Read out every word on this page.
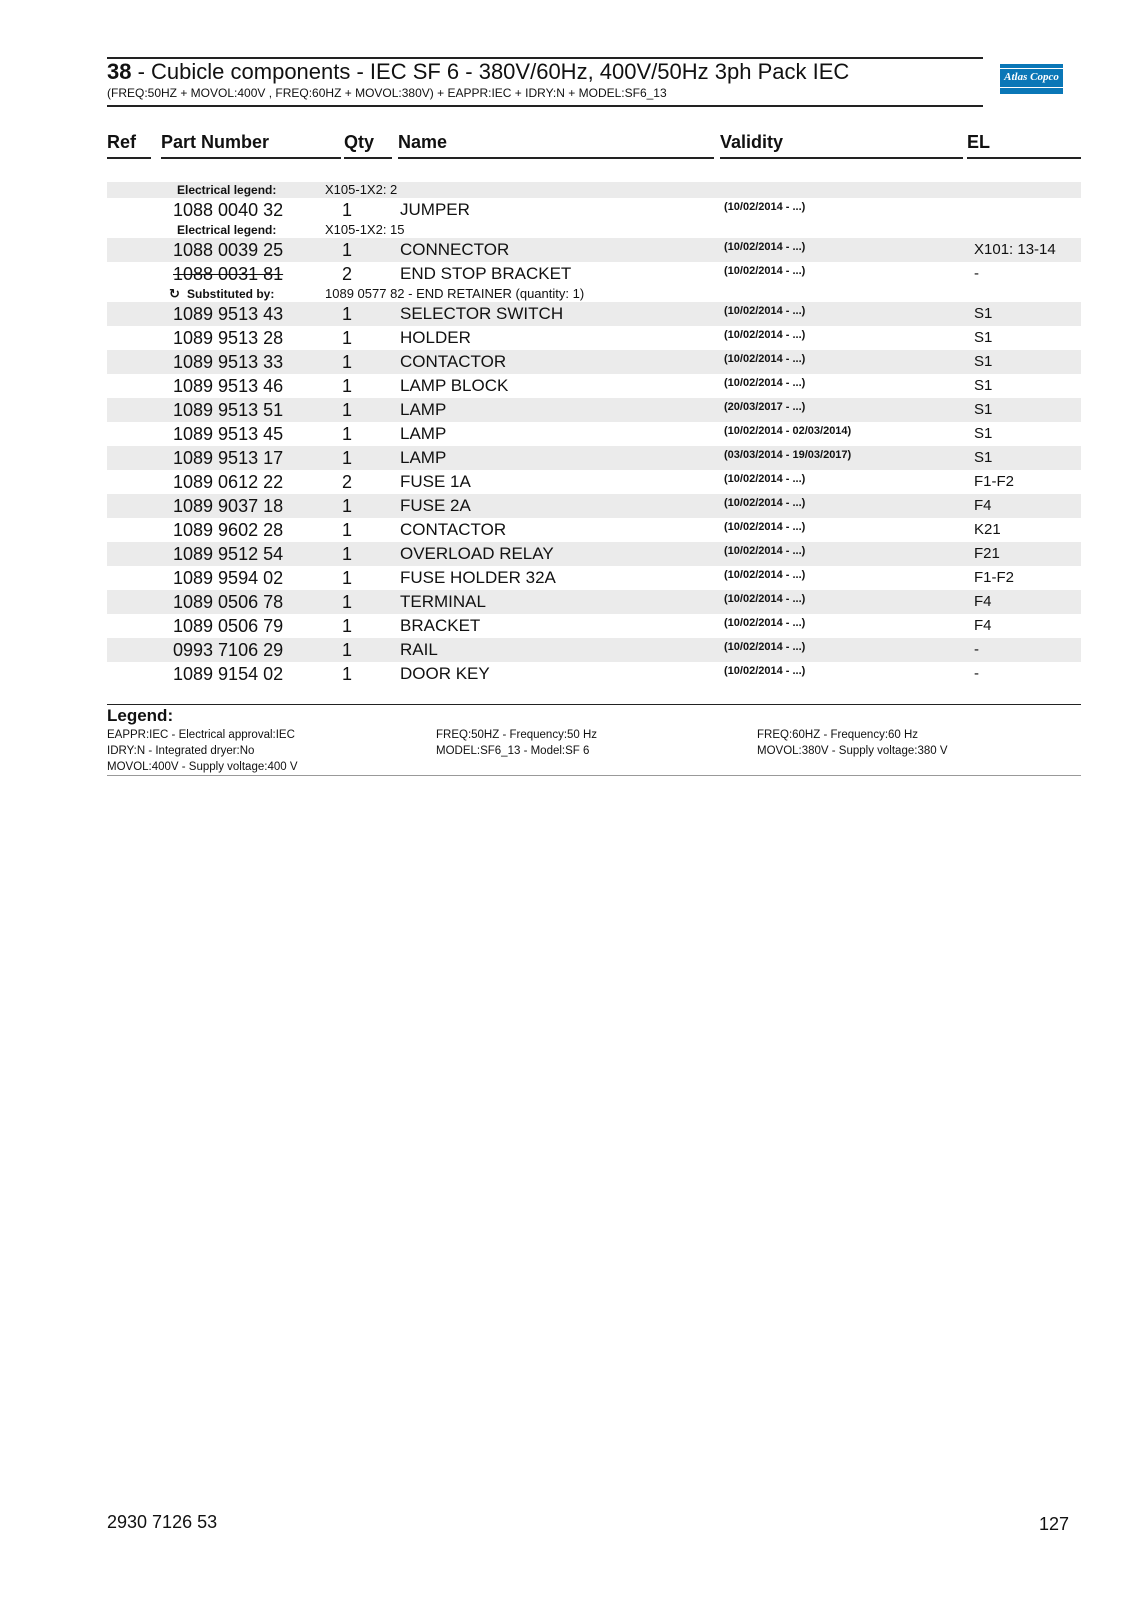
38 - Cubicle components - IEC SF 6 - 380V/60Hz, 400V/50Hz 3ph Pack IEC
(FREQ:50HZ + MOVOL:400V , FREQ:60HZ + MOVOL:380V) + EAPPR:IEC + IDRY:N + MODEL:SF6_13
Atlas Copco
Ref Part Number	Qty Name	Validity	EL
Electrical legend:	X105-1X2: 2
1088 0040 32	1	JUMPER	(10/02/2014 - ...)
Electrical legend:	X105-1X2: 15
1088 0039 25	1	CONNECTOR	(10/02/2014 - ...)	X101: 13-14
1088 0031 81	2	END STOP BRACKET	(10/02/2014 - ...)	-
↻ Substituted by:	1089 0577 82 - END RETAINER (quantity: 1)
1089 9513 43	1	SELECTOR SWITCH	(10/02/2014 - ...)	S1
1089 9513 28	1	HOLDER	(10/02/2014 - ...)	S1
1089 9513 33	1	CONTACTOR	(10/02/2014 - ...)	S1
1089 9513 46	1	LAMP BLOCK	(10/02/2014 - ...)	S1
1089 9513 51	1	LAMP	(20/03/2017 - ...)	S1
1089 9513 45	1	LAMP	(10/02/2014 - 02/03/2014)	S1
1089 9513 17	1	LAMP	(03/03/2014 - 19/03/2017)	S1
1089 0612 22	2	FUSE 1A	(10/02/2014 - ...)	F1-F2
1089 9037 18	1	FUSE 2A	(10/02/2014 - ...)	F4
1089 9602 28	1	CONTACTOR	(10/02/2014 - ...)	K21
1089 9512 54	1	OVERLOAD RELAY	(10/02/2014 - ...)	F21
1089 9594 02	1	FUSE HOLDER 32A	(10/02/2014 - ...)	F1-F2
1089 0506 78	1	TERMINAL	(10/02/2014 - ...)	F4
1089 0506 79	1	BRACKET	(10/02/2014 - ...)	F4
0993 7106 29	1	RAIL	(10/02/2014 - ...)	-
1089 9154 02	1	DOOR KEY	(10/02/2014 - ...)	-
Legend:
EAPPR:IEC - Electrical approval:IEC
IDRY:N - Integrated dryer:No
MOVOL:400V - Supply voltage:400 V
FREQ:50HZ - Frequency:50 Hz
MODEL:SF6_13 - Model:SF 6
FREQ:60HZ - Frequency:60 Hz
MOVOL:380V - Supply voltage:380 V
2930 7126 53	127
